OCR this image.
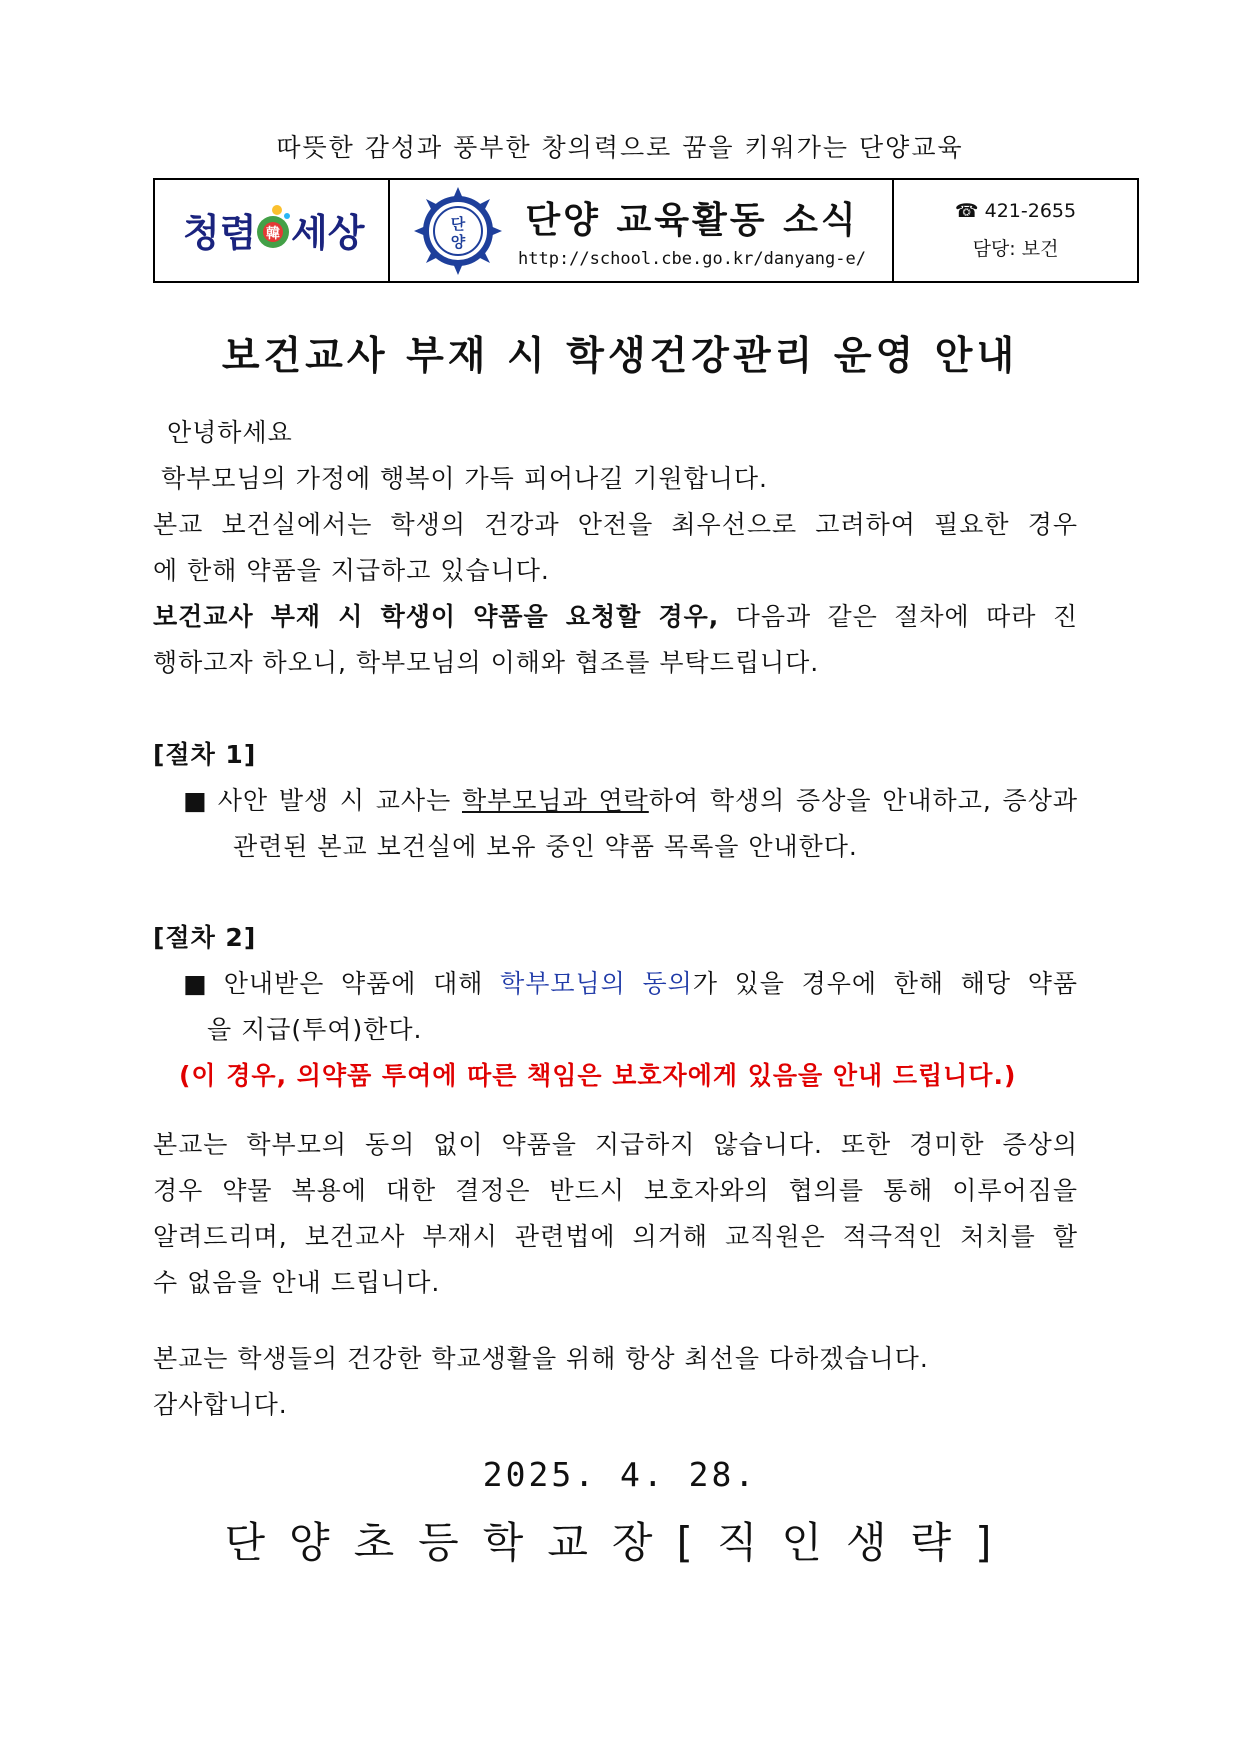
따뜻한 감성과 풍부한 창의력으로 꿈을 키워가는 단양교육
청렴 韓 세상	단
양
단양 교육활동 소식
http://school.cbe.go.kr/danyang-e/
☎ 421-2655
담당: 보건
보건교사 부재 시 학생건강관리 운영 안내
안녕하세요
학부모님의 가정에 행복이 가득 피어나길 기원합니다.
본교 보건실에서는 학생의 건강과 안전을 최우선으로 고려하여 필요한 경우
에 한해 약품을 지급하고 있습니다.
보건교사 부재 시 학생이 약품을 요청할 경우, 다음과 같은 절차에 따라 진
행하고자 하오니, 학부모님의 이해와 협조를 부탁드립니다.
[절차 1]
■ 사안 발생 시 교사는 학부모님과 연락하여 학생의 증상을 안내하고, 증상과
관련된 본교 보건실에 보유 중인 약품 목록을 안내한다.
[절차 2]
■ 안내받은 약품에 대해 학부모님의 동의가 있을 경우에 한해 해당 약품
을 지급(투여)한다.
(이 경우, 의약품 투여에 따른 책임은 보호자에게 있음을 안내 드립니다.)
본교는 학부모의 동의 없이 약품을 지급하지 않습니다. 또한 경미한 증상의
경우 약물 복용에 대한 결정은 반드시 보호자와의 협의를 통해 이루어짐을
알려드리며, 보건교사 부재시 관련법에 의거해 교직원은 적극적인 처치를 할
수 없음을 안내 드립니다.
본교는 학생들의 건강한 학교생활을 위해 항상 최선을 다하겠습니다.
감사합니다.
2025. 4. 28.
단양초등학교장[직인생략]
